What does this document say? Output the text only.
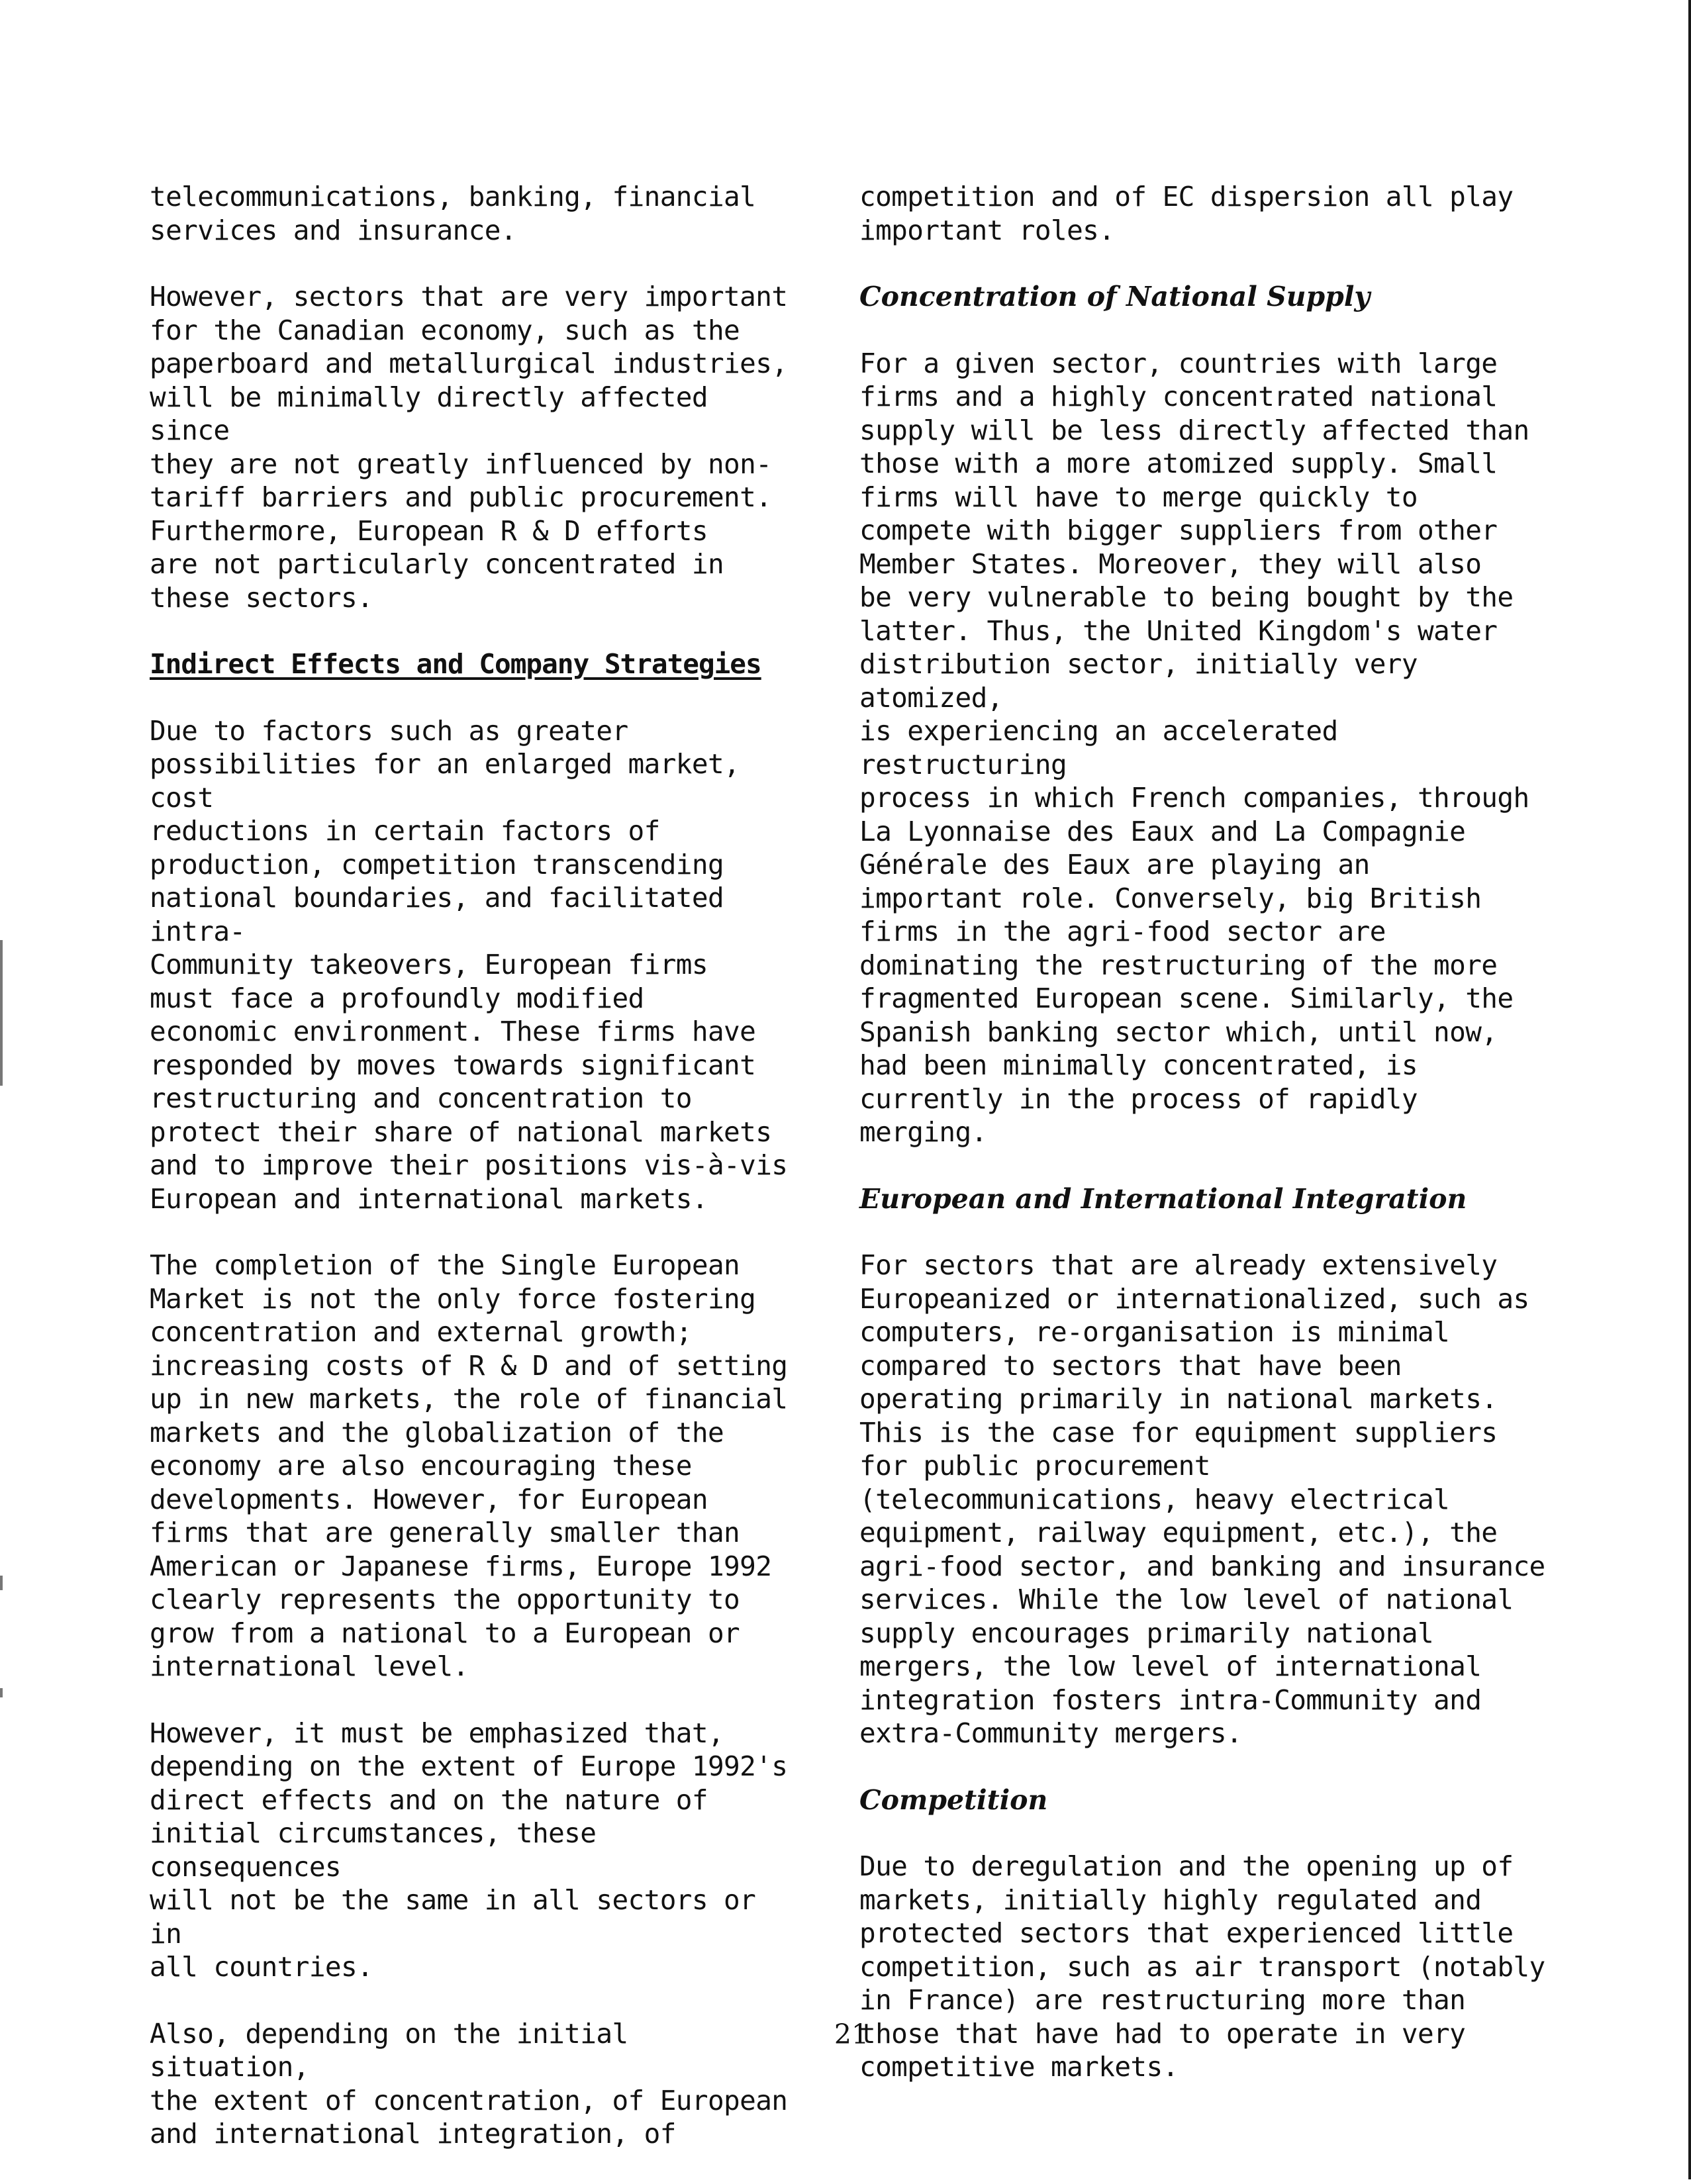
telecommunications, banking, financial
services and insurance.

However, sectors that are very important
for the Canadian economy, such as the
paperboard and metallurgical industries,
will be minimally directly affected since
they are not greatly influenced by non-
tariff barriers and public procurement.
Furthermore, European R & D efforts
are not particularly concentrated in
these sectors.

Indirect Effects and Company Strategies

Due to factors such as greater
possibilities for an enlarged market, cost
reductions in certain factors of
production, competition transcending
national boundaries, and facilitated intra-
Community takeovers, European firms
must face a profoundly modified
economic environment. These firms have
responded by moves towards significant
restructuring and concentration to
protect their share of national markets
and to improve their positions vis-à-vis
European and international markets.

The completion of the Single European
Market is not the only force fostering
concentration and external growth;
increasing costs of R & D and of setting
up in new markets, the role of financial
markets and the globalization of the
economy are also encouraging these
developments. However, for European
firms that are generally smaller than
American or Japanese firms, Europe 1992
clearly represents the opportunity to
grow from a national to a European or
international level.

However, it must be emphasized that,
depending on the extent of Europe 1992's
direct effects and on the nature of
initial circumstances, these consequences
will not be the same in all sectors or in
all countries.

Also, depending on the initial situation,
the extent of concentration, of European
and international integration, of

competition and of EC dispersion all play
important roles.

Concentration of National Supply

For a given sector, countries with large
firms and a highly concentrated national
supply will be less directly affected than
those with a more atomized supply. Small
firms will have to merge quickly to
compete with bigger suppliers from other
Member States. Moreover, they will also
be very vulnerable to being bought by the
latter. Thus, the United Kingdom's water
distribution sector, initially very atomized,
is experiencing an accelerated restructuring
process in which French companies, through
La Lyonnaise des Eaux and La Compagnie
Générale des Eaux are playing an
important role. Conversely, big British
firms in the agri-food sector are
dominating the restructuring of the more
fragmented European scene. Similarly, the
Spanish banking sector which, until now,
had been minimally concentrated, is
currently in the process of rapidly merging.

European and International Integration

For sectors that are already extensively
Europeanized or internationalized, such as
computers, re-organisation is minimal
compared to sectors that have been
operating primarily in national markets.
This is the case for equipment suppliers
for public procurement
(telecommunications, heavy electrical
equipment, railway equipment, etc.), the
agri-food sector, and banking and insurance
services. While the low level of national
supply encourages primarily national
mergers, the low level of international
integration fosters intra-Community and
extra-Community mergers.

Competition

Due to deregulation and the opening up of
markets, initially highly regulated and
protected sectors that experienced little
competition, such as air transport (notably
in France) are restructuring more than
those that have had to operate in very
competitive markets.

21
